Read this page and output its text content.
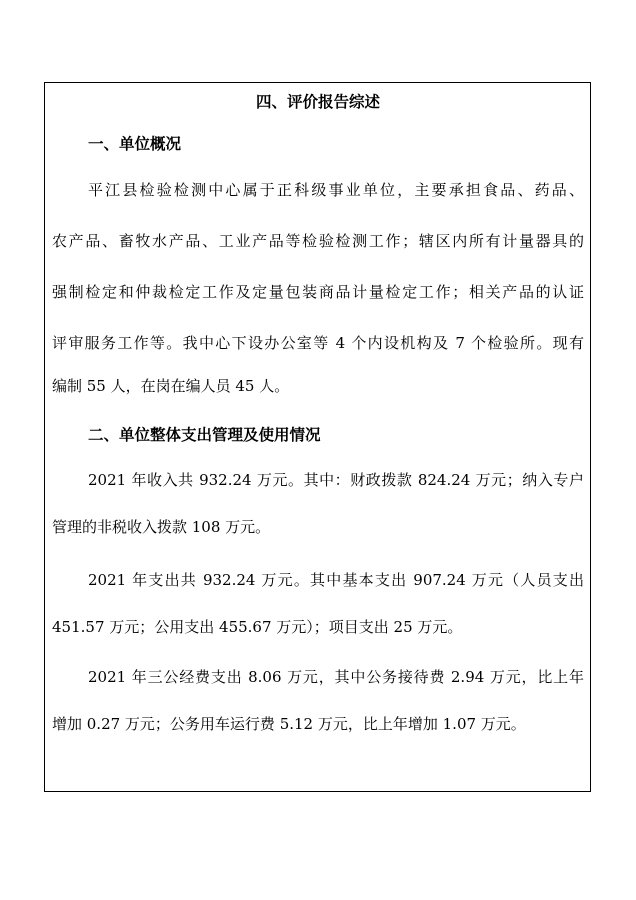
四、评价报告综述
一、单位概况
平江县检验检测中心属于正科级事业单位，主要承担食品、药品、
农产品、畜牧水产品、工业产品等检验检测工作；辖区内所有计量器具的
强制检定和仲裁检定工作及定量包装商品计量检定工作；相关产品的认证
评审服务工作等。我中心下设办公室等 4 个内设机构及 7 个检验所。现有
编制 55 人，在岗在编人员 45 人。
二、单位整体支出管理及使用情况
2021 年收入共 932.24 万元。其中：财政拨款 824.24 万元；纳入专户
管理的非税收入拨款 108 万元。
2021 年支出共 932.24 万元。其中基本支出 907.24 万元（人员支出
451.57 万元；公用支出 455.67 万元）；项目支出 25 万元。
2021 年三公经费支出 8.06 万元，其中公务接待费 2.94 万元，比上年
增加 0.27 万元；公务用车运行费 5.12 万元，比上年增加 1.07 万元。
